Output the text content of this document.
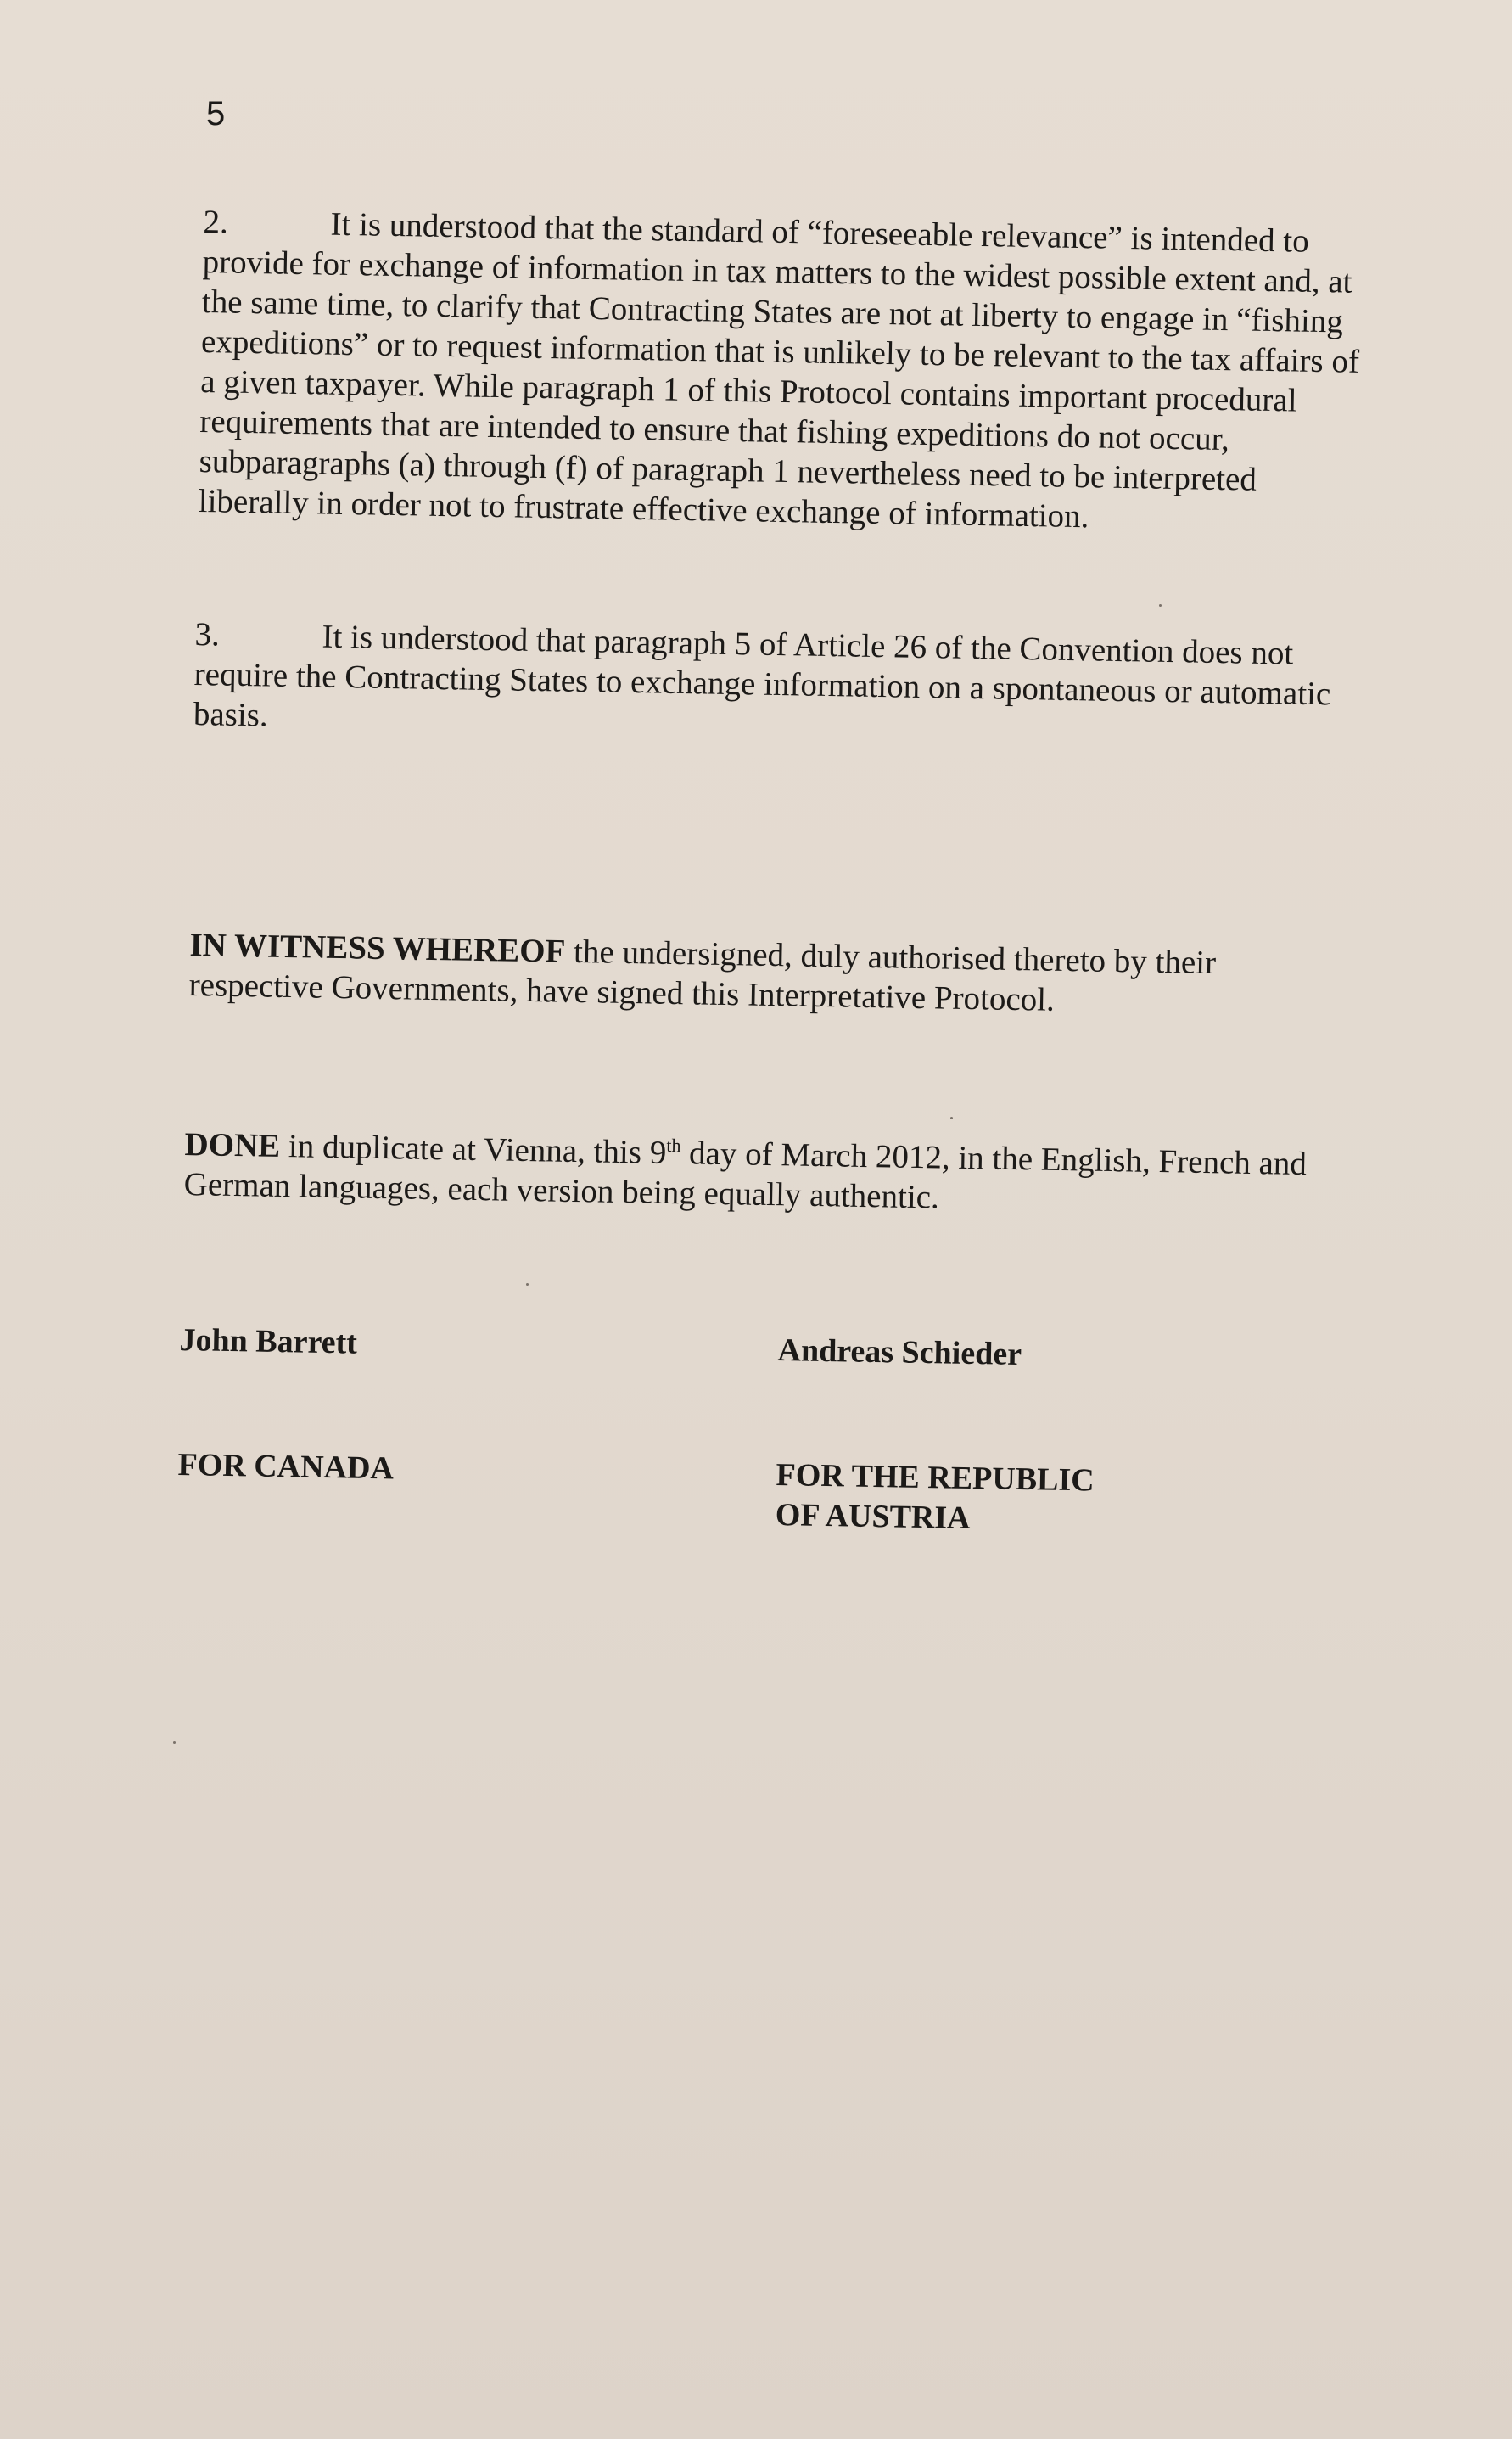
5

2.	It is understood that the standard of “foreseeable relevance” is intended to provide for exchange of information in tax matters to the widest possible extent and, at the same time, to clarify that Contracting States are not at liberty to engage in “fishing expeditions” or to request information that is unlikely to be relevant to the tax affairs of a given taxpayer. While paragraph 1 of this Protocol contains important procedural requirements that are intended to ensure that fishing expeditions do not occur, subparagraphs (a) through (f) of paragraph 1 nevertheless need to be interpreted liberally in order not to frustrate effective exchange of information.

3.	It is understood that paragraph 5 of Article 26 of the Convention does not require the Contracting States to exchange information on a spontaneous or automatic basis.

IN WITNESS WHEREOF the undersigned, duly authorised thereto by their respective Governments, have signed this Interpretative Protocol.

DONE in duplicate at Vienna, this 9th day of March 2012, in the English, French and German languages, each version being equally authentic.

John Barrett	Andreas Schieder

FOR CANADA	FOR THE REPUBLIC
OF AUSTRIA
